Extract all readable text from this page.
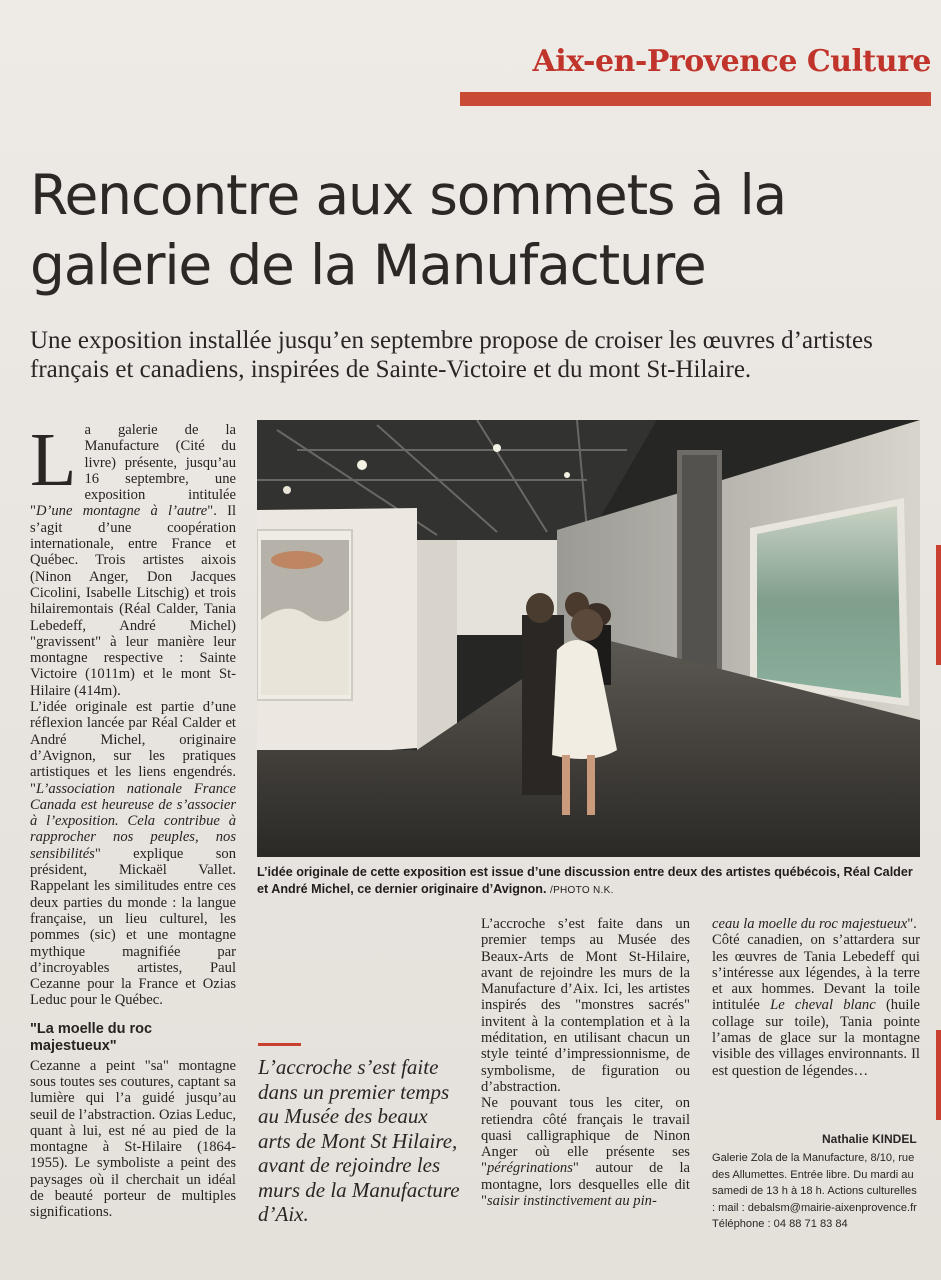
Aix-en-Provence Culture
Rencontre aux sommets à la galerie de la Manufacture

Une exposition installée jusqu’en septembre propose de croiser les œuvres d’artistes français et canadiens, inspirées de Sainte-Victoire et du mont St-Hilaire.

La galerie de la Manufacture (Cité du livre) présente, jusqu’au 16 septembre, une exposition intitulée "D’une montagne à l’autre". Il s’agit d’une coopération internationale, entre France et Québec. Trois artistes aixois (Ninon Anger, Don Jacques Cicolini, Isabelle Litschig) et trois hilairemontais (Réal Calder, Tania Lebedeff, André Michel) "gravissent" à leur manière leur montagne respective : Sainte Victoire (1011m) et le mont St-Hilaire (414m).

L’idée originale est partie d’une réflexion lancée par Réal Calder et André Michel, originaire d’Avignon, sur les pratiques artistiques et les liens engendrés. "L’association nationale France Canada est heureuse de s’associer à l’exposition. Cela contribue à rapprocher nos peuples, nos sensibilités" explique son président, Mickaël Vallet. Rappelant les similitudes entre ces deux parties du monde : la langue française, un lieu culturel, les pommes (sic) et une montagne mythique magnifiée par d’incroyables artistes, Paul Cezanne pour la France et Ozias Leduc pour le Québec.

"La moelle du roc majestueux"

Cezanne a peint "sa" montagne sous toutes ses coutures, captant sa lumière qui l’a guidé jusqu’au seuil de l’abstraction. Ozias Leduc, quant à lui, est né au pied de la montagne à St-Hilaire (1864-1955). Le symboliste a peint des paysages où il cherchait un idéal de beauté porteur de multiples significations.

L’idée originale de cette exposition est issue d’une discussion entre deux des artistes québécois, Réal Calder et André Michel, ce dernier originaire d’Avignon. /PHOTO N.K.
L’accroche s’est faite dans un premier temps au Musée des beaux arts de Mont St Hilaire, avant de rejoindre les murs de la Manufacture d’Aix.

L’accroche s’est faite dans un premier temps au Musée des Beaux-Arts de Mont St-Hilaire, avant de rejoindre les murs de la Manufacture d’Aix. Ici, les artistes inspirés des "monstres sacrés" invitent à la contemplation et à la méditation, en utilisant chacun un style teinté d’impressionnisme, de symbolisme, de figuration ou d’abstraction.

Ne pouvant tous les citer, on retiendra côté français le travail quasi calligraphique de Ninon Anger où elle présente ses "pérégrinations" autour de la montagne, lors desquelles elle dit "saisir instinctivement au pin-

ceau la moelle du roc majestueux".

Côté canadien, on s’attardera sur les œuvres de Tania Lebedeff qui s’intéresse aux légendes, à la terre et aux hommes. Devant la toile intitulée Le cheval blanc (huile collage sur toile), Tania pointe l’amas de glace sur la montagne visible des villages environnants. Il est question de légendes…

Nathalie KINDEL

Galerie Zola de la Manufacture, 8/10, rue des Allumettes. Entrée libre. Du mardi au samedi de 13 h à 18 h. Actions culturelles : mail : debalsm@mairie-aixenprovence.fr

Téléphone : 04 88 71 83 84
